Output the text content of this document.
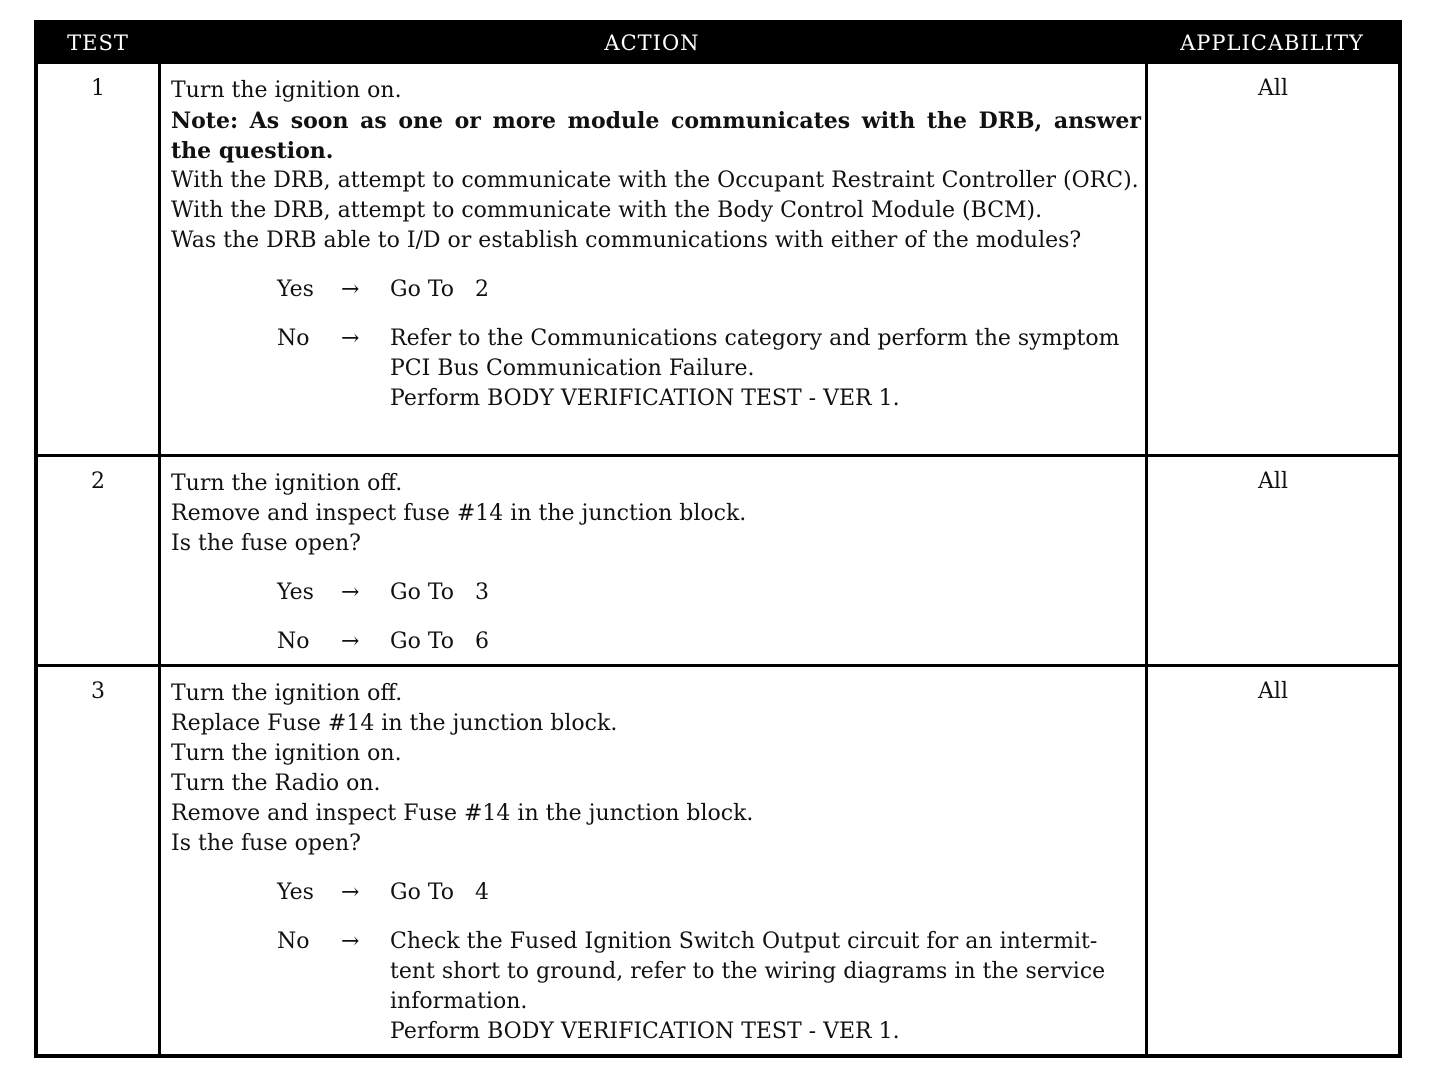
TEST	ACTION	APPLICABILITY
1	Turn the ignition on.
Note: As soon as one or more module communicates with the DRB, answer the question.
With the DRB, attempt to communicate with the Occupant Restraint Controller (ORC).
With the DRB, attempt to communicate with the Body Control Module (BCM).
Was the DRB able to I/D or establish communications with either of the modules?
Yes → Go To   2
No → Refer to the Communications category and perform the symptom
PCI Bus Communication Failure.
Perform BODY VERIFICATION TEST - VER 1.
All
2	Turn the ignition off.
Remove and inspect fuse #14 in the junction block.
Is the fuse open?
Yes → Go To   3
No → Go To   6
All
3	Turn the ignition off.
Replace Fuse #14 in the junction block.
Turn the ignition on.
Turn the Radio on.
Remove and inspect Fuse #14 in the junction block.
Is the fuse open?
Yes → Go To   4
No → Check the Fused Ignition Switch Output circuit for an intermit-
tent short to ground, refer to the wiring diagrams in the service
information.
Perform BODY VERIFICATION TEST - VER 1.
All
